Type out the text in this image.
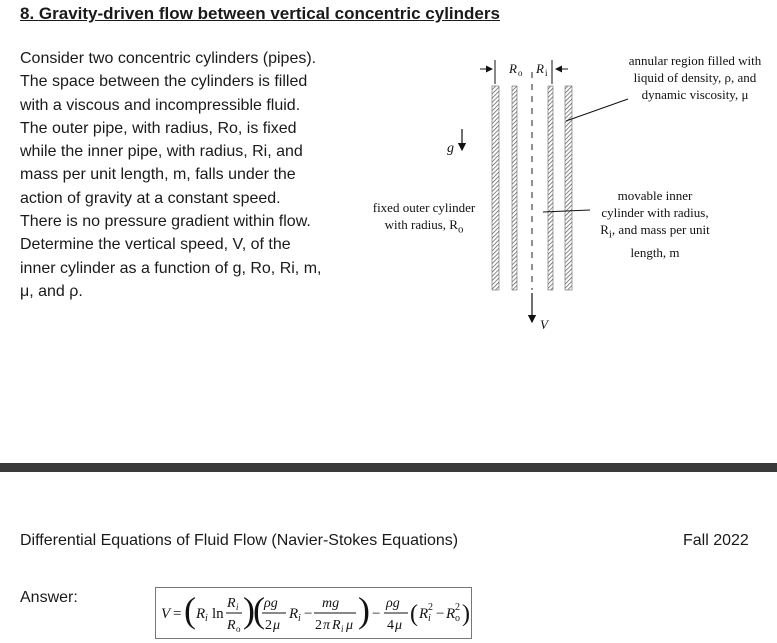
8. Gravity-driven flow between vertical concentric cylinders

Consider two concentric cylinders (pipes).

The space between the cylinders is filled

with a viscous and incompressible fluid.

The outer pipe, with radius, Ro, is fixed

while the inner pipe, with radius, Ri, and

mass per unit length, m, falls under the

action of gravity at a constant speed.

There is no pressure gradient within flow.

Determine the vertical speed, V, of the

inner cylinder as a function of g, Ro, Ri, m,

μ, and ρ.

g
R o R i
V
annular region filled with
liquid of density, ρ, and
dynamic viscosity, μ
fixed outer cylinder
with radius, $R_o$
movable inner
cylinder with radius,
$R_i$, and mass per unit
length, m
Differential Equations of Fluid Flow (Navier-Stokes Equations)	Fall 2022
Answer:
V = ( R i ln
R i
R o )
( ρg
2 μ
R i −
mg
2 π R i μ ) −
ρg
4 μ ( R i
2 − R o
2 )
